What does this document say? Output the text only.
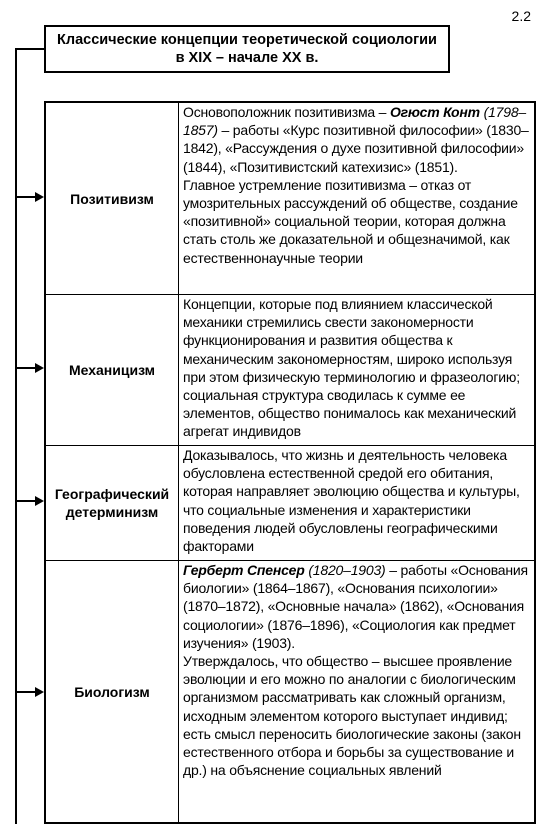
2.2
Классические концепции теоретической социологии
в XIX – начале XX в.
Позитивизм

Основоположник позитивизма – Огюст Конт (1798–1857) – работы «Курс позитивной философии» (1830–1842), «Рассуждения о духе позитивной философии» (1844), «Позитивистский катехизис» (1851).

Главное устремление позитивизма – отказ от умозрительных рассуждений об обществе, создание «позитивной» социальной теории, которая должна стать столь же доказательной и общезначимой, как естественнонаучные теории

Механицизм
Концепции, которые под влиянием классической механики стремились свести закономерности функционирования и развития общества к механическим закономерностям, широко используя при этом физическую терминологию и фразеологию; социальная структура сводилась к сумме ее элементов, общество понималось как механический агрегат индивидов
Географический детерминизм
Доказывалось, что жизнь и деятельность человека обусловлена естественной средой его обитания, которая направляет эволюцию общества и культуры, что социальные изменения и характеристики поведения людей обусловлены географическими факторами
Биологизм

Герберт Спенсер (1820–1903) – работы «Основания биологии» (1864–1867), «Основания психологии» (1870–1872), «Основные начала» (1862), «Основания социологии» (1876–1896), «Социология как предмет изучения» (1903).

Утверждалось, что общество – высшее проявление эволюции и его можно по аналогии с биологическим организмом рассматривать как сложный организм, исходным элементом которого выступает индивид; есть смысл переносить биологические законы (закон естественного отбора и борьбы за существование и др.) на объяснение социальных явлений
